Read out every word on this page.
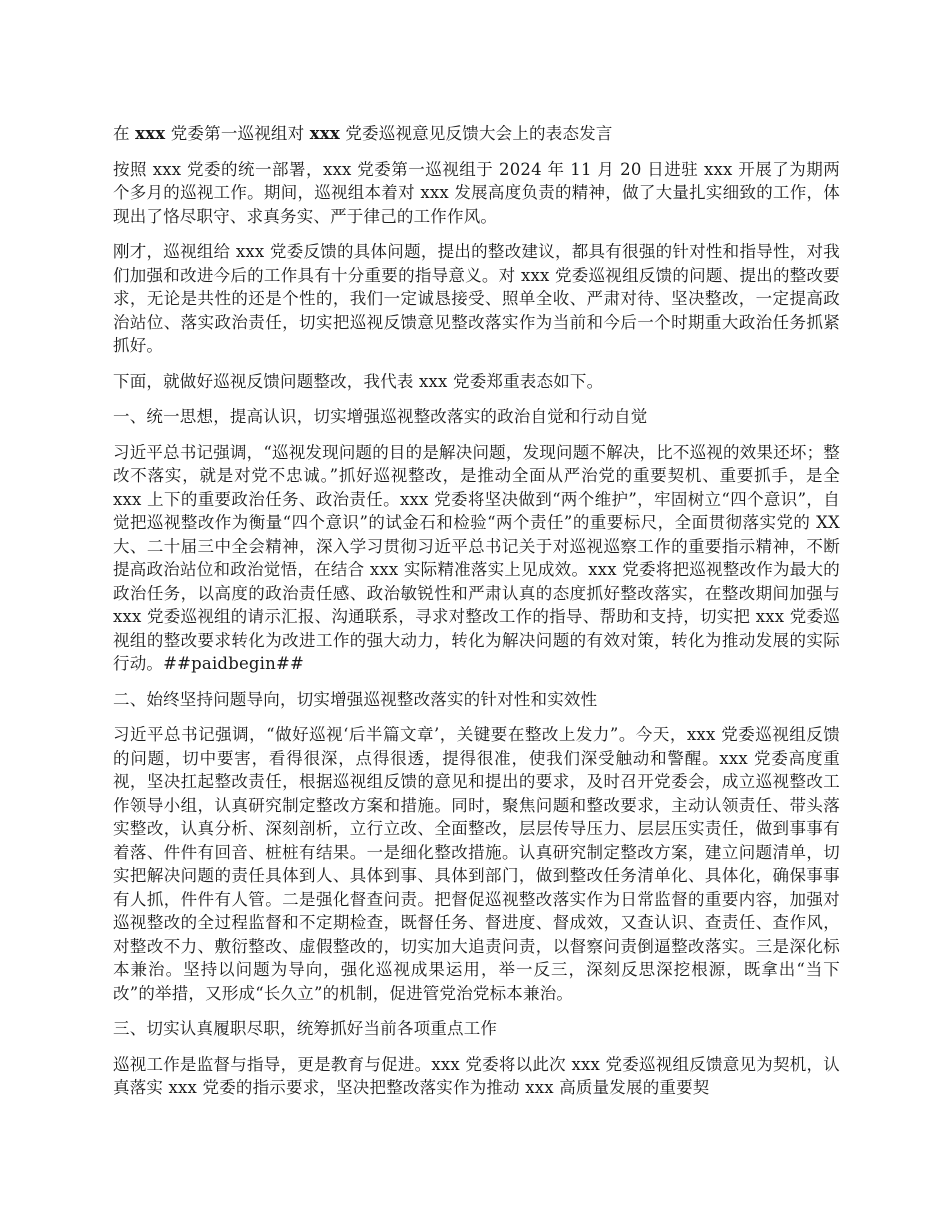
在 xxx 党委第一巡视组对 xxx 党委巡视意见反馈大会上的表态发言

按照 xxx 党委的统一部署，xxx 党委第一巡视组于 2024 年 11 月 20 日进驻 xxx 开展了为期两个多月的巡视工作。期间，巡视组本着对 xxx 发展高度负责的精神，做了大量扎实细致的工作，体现出了恪尽职守、求真务实、严于律己的工作作风。

刚才，巡视组给 xxx 党委反馈的具体问题，提出的整改建议，都具有很强的针对性和指导性，对我们加强和改进今后的工作具有十分重要的指导意义。对 xxx 党委巡视组反馈的问题、提出的整改要求，无论是共性的还是个性的，我们一定诚恳接受、照单全收、严肃对待、坚决整改，一定提高政治站位、落实政治责任，切实把巡视反馈意见整改落实作为当前和今后一个时期重大政治任务抓紧抓好。

下面，就做好巡视反馈问题整改，我代表 xxx 党委郑重表态如下。

一、统一思想，提高认识，切实增强巡视整改落实的政治自觉和行动自觉

习近平总书记强调，“巡视发现问题的目的是解决问题，发现问题不解决，比不巡视的效果还坏；整改不落实，就是对党不忠诚。”抓好巡视整改，是推动全面从严治党的重要契机、重要抓手，是全 xxx 上下的重要政治任务、政治责任。xxx 党委将坚决做到“两个维护”，牢固树立“四个意识”，自觉把巡视整改作为衡量“四个意识”的试金石和检验“两个责任”的重要标尺，全面贯彻落实党的 XX 大、二十届三中全会精神，深入学习贯彻习近平总书记关于对巡视巡察工作的重要指示精神，不断提高政治站位和政治觉悟，在结合 xxx 实际精准落实上见成效。xxx 党委将把巡视整改作为最大的政治任务，以高度的政治责任感、政治敏锐性和严肃认真的态度抓好整改落实，在整改期间加强与 xxx 党委巡视组的请示汇报、沟通联系，寻求对整改工作的指导、帮助和支持，切实把 xxx 党委巡视组的整改要求转化为改进工作的强大动力，转化为解决问题的有效对策，转化为推动发展的实际行动。##paidbegin##

二、始终坚持问题导向，切实增强巡视整改落实的针对性和实效性

习近平总书记强调，“做好巡视‘后半篇文章’，关键要在整改上发力”。今天，xxx 党委巡视组反馈的问题，切中要害，看得很深，点得很透，提得很准，使我们深受触动和警醒。xxx 党委高度重视，坚决扛起整改责任，根据巡视组反馈的意见和提出的要求，及时召开党委会，成立巡视整改工作领导小组，认真研究制定整改方案和措施。同时，聚焦问题和整改要求，主动认领责任、带头落实整改，认真分析、深刻剖析，立行立改、全面整改，层层传导压力、层层压实责任，做到事事有着落、件件有回音、桩桩有结果。一是细化整改措施。认真研究制定整改方案，建立问题清单，切实把解决问题的责任具体到人、具体到事、具体到部门，做到整改任务清单化、具体化，确保事事有人抓，件件有人管。二是强化督查问责。把督促巡视整改落实作为日常监督的重要内容，加强对巡视整改的全过程监督和不定期检查，既督任务、督进度、督成效，又查认识、查责任、查作风，对整改不力、敷衍整改、虚假整改的，切实加大追责问责，以督察问责倒逼整改落实。三是深化标本兼治。坚持以问题为导向，强化巡视成果运用，举一反三，深刻反思深挖根源，既拿出“当下改”的举措，又形成“长久立”的机制，促进管党治党标本兼治。

三、切实认真履职尽职，统筹抓好当前各项重点工作

巡视工作是监督与指导，更是教育与促进。xxx 党委将以此次 xxx 党委巡视组反馈意见为契机，认真落实 xxx 党委的指示要求，坚决把整改落实作为推动 xxx 高质量发展的重要契
